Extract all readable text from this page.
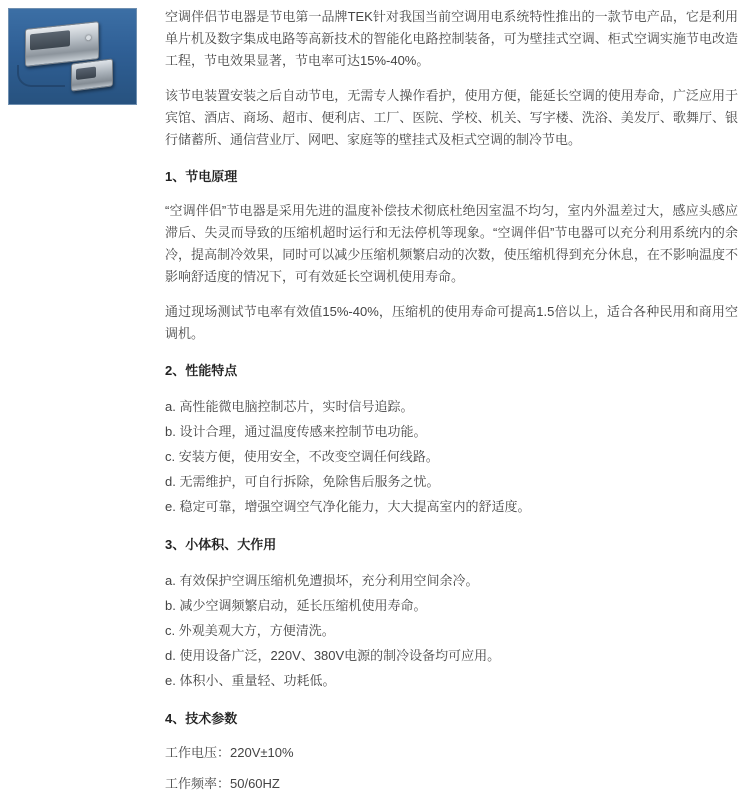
空调伴侣节电器是节电第一品牌TEK针对我国当前空调用电系统特性推出的一款节电产品，它是利用单片机及数字集成电路等高新技术的智能化电路控制装备，可为壁挂式空调、柜式空调实施节电改造工程，节电效果显著，节电率可达15%-40%。

该节电装置安装之后自动节电，无需专人操作看护，使用方便，能延长空调的使用寿命，广泛应用于宾馆、酒店、商场、超市、便利店、工厂、医院、学校、机关、写字楼、洗浴、美发厅、歌舞厅、银行储蓄所、通信营业厅、网吧、家庭等的壁挂式及柜式空调的制冷节电。

1、节电原理

“空调伴侣”节电器是采用先进的温度补偿技术彻底杜绝因室温不均匀，室内外温差过大，感应头感应滞后、失灵而导致的压缩机超时运行和无法停机等现象。“空调伴侣”节电器可以充分利用系统内的余冷，提高制冷效果，同时可以减少压缩机频繁启动的次数，使压缩机得到充分休息，在不影响温度不影响舒适度的情况下，可有效延长空调机使用寿命。

通过现场测试节电率有效值15%-40%，压缩机的使用寿命可提高1.5倍以上，适合各种民用和商用空调机。

2、性能特点
a. 高性能微电脑控制芯片，实时信号追踪。
b. 设计合理，通过温度传感来控制节电功能。
c. 安装方便，使用安全，不改变空调任何线路。
d. 无需维护，可自行拆除，免除售后服务之忧。
e. 稳定可靠，增强空调空气净化能力，大大提高室内的舒适度。
3、小体积、大作用
a. 有效保护空调压缩机免遭损坏，充分利用空间余冷。
b. 减少空调频繁启动，延长压缩机使用寿命。
c. 外观美观大方，方便清洗。
d. 使用设备广泛，220V、380V电源的制冷设备均可应用。
e. 体积小、重量轻、功耗低。
4、技术参数

工作电压：220V±10%

工作频率：50/60HZ
